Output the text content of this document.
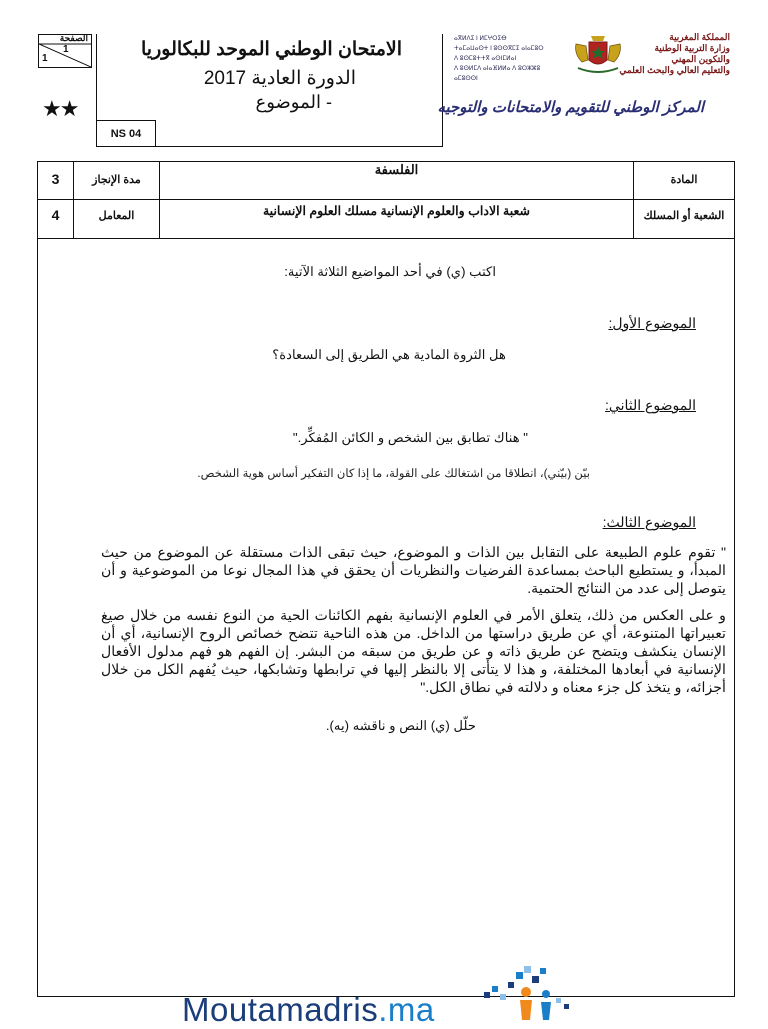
الصفحة
1
1
★★
الامتحان الوطني الموحد للبكالوريا
الدورة العادية 2017
- الموضوع
NS 04
ⴰⴳⵍⴷⵉ ⵏ ⵍⵎⵖⵔⵉⴱ
ⵜⴰⵎⴰⵡⴰⵙⵜ ⵏ ⵓⵙⵙⴳⵎⵉ ⴰⵏⴰⵎⵓⵔ
ⴷ ⵓⵙⵎⵓⵜⵜⴳ ⴰⵙⵏⵎⵍⴰⵏ
ⴷ ⵓⵙⵍⵎⴷ ⴰⵏⴰⴼⵍⵍⴰ ⴷ ⵓⵔⵣⵣⵓ ⴰⵎⵓⵙⵙⵏ
المملكة المغربية
وزارة التربية الوطنية
والتكوين المهني
والتعليم العالي والبحث العلمي
المركز الوطني للتقويم والامتحانات والتوجيه
3
4
مدة الإنجاز
المعامل
الفلسفة
شعبة الاداب والعلوم الإنسانية مسلك العلوم الإنسانية
المادة
الشعبة أو المسلك
اكتب (ي) في أحد المواضيع الثلاثة الآتية:
الموضوع الأول:
هل الثروة المادية هي الطريق إلى السعادة؟
الموضوع الثاني:
" هناك تطابق بين الشخص و الكائن المُفكِّر."
بيّن (بيّني)، انطلاقا من اشتغالك على القولة، ما إذا كان التفكير أساس هوية الشخص.
الموضوع الثالث:
" تقوم علوم الطبيعة على التقابل بين الذات و الموضوع، حيث تبقى الذات مستقلة عن الموضوع من حيث المبدأ، و يستطيع الباحث بمساعدة الفرضيات والنظريات أن يحقق في هذا المجال نوعا من الموضوعية و أن يتوصل إلى عدد من النتائج الحتمية.
و على العكس من ذلك، يتعلق الأمر في العلوم الإنسانية بفهم الكائنات الحية من النوع نفسه من خلال صيغ تعبيراتها المتنوعة، أي عن طريق دراستها من الداخل. من هذه الناحية تتضح خصائص الروح الإنسانية، أي أن الإنسان ينكشف ويتضح عن طريق ذاته و عن طريق من سبقه من البشر. إن الفهم هو فهم مدلول الأفعال الإنسانية في أبعادها المختلفة، و هذا لا يتأتى إلا بالنظر إليها في ترابطها وتشابكها، حيث يُفهم الكل من خلال أجزائه، و يتخذ كل جزء معناه و دلالته في نطاق الكل."
حلّل (ي) النص و ناقشه (يه).
Moutamadris.ma
